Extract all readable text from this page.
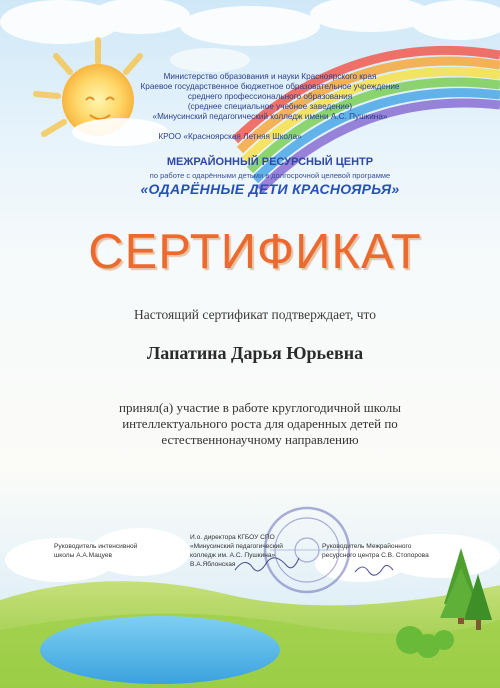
Министерство образования и науки Красноярского края
Краевое государственное бюджетное образовательное учреждение
среднего профессионального образования
(среднее специальное учебное заведение)
«Минусинский педагогический колледж имени А.С. Пушкина»
КРОО «Красноярская Летняя Школа»
МЕЖРАЙОННЫЙ РЕСУРСНЫЙ ЦЕНТР
по работе с одарёнными детьми в долгосрочной целевой программе
«ОДАРЁННЫЕ ДЕТИ КРАСНОЯРЬЯ»
СЕРТИФИКАТ
Настоящий сертификат подтверждает, что
Лапатина Дарья Юрьевна
принял(а) участие в работе круглогодичной школы
интеллектуального роста для одаренных детей по
естественнонаучному направлению
Руководитель интенсивной
школы А.А.Мацуев
И.о. директора КГБОУ СПО
«Минусинский педагогический
колледж им. А.С. Пушкина»
В.А.Яблонская
Руководитель Межрайонного
ресурсного центра С.В. Стопорова
